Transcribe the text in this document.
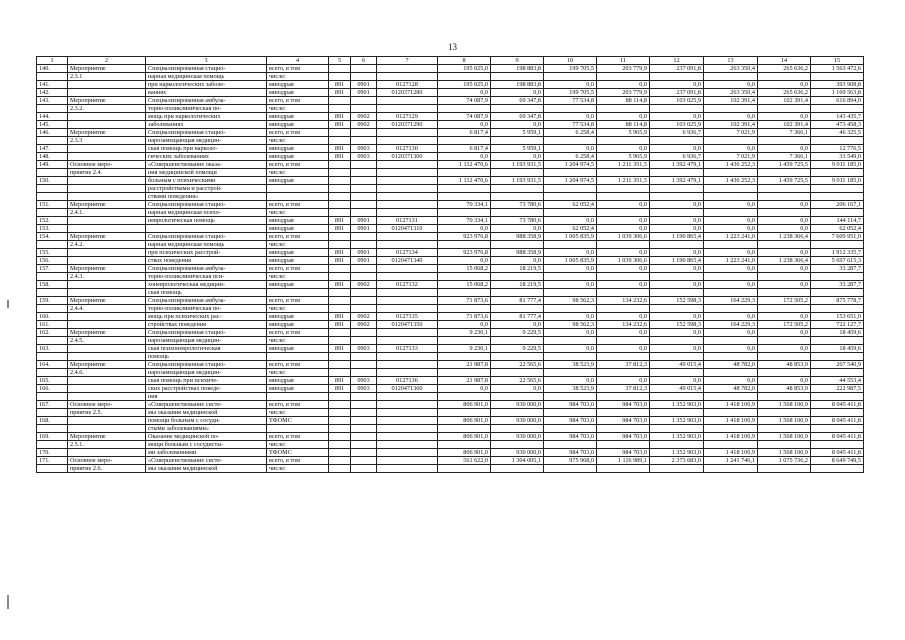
13
1	2	3	4	5	6	7	8	9	10	11	12	13	14	15
140.	Мероприятие	Специализированная стацио-	всего, в том				195 025,0	198 883,8	199 705,5	203 779,9	237 091,8	263 350,4	265 636,2	1 563 472,6
	2.3.1	нарная медицинская помощь	числе:											
141.		при наркологических заболе-	минздрав	891	0901	0127128	195 025,0	198 883,8	0,0	0,0	0,0	0,0	0,0	393 908,8
142.		ваниях	минздрав	891	0901	0120371280	0,0	0,0	199 705,5	203 779,9	237 091,8	263 350,4	265 636,2	1 169 563,8
143.	Мероприятие	Специализированная амбула-	всего, в том				74 087,9	69 347,8	77 534,8	88 114,8	103 025,9	102 391,4	102 391,4	616 894,0
	2.3.2.	торно-поликлиническая по-	числе:											
144.		мощь при наркологических	минздрав	891	0902	0127129	74 087,9	69 347,8	0,0	0,0	0,0	0,0	0,0	143 435,7
145.		заболеваниях	минздрав	891	0902	0120371290	0,0	0,0	77 534,8	88 114,8	103 025,9	102 391,4	102 391,4	473 458,3
146.	Мероприятие	Специализированная стацио-	всего, в том				6 817,4	5 959,1	6 258,4	5 965,9	6 936,7	7 021,9	7 366,1	46 325,5
	2.3.3	нарозамещающая медицин-	числе:											
147.		ская помощь при нарколо-	минздрав	891	0903	0127130	6 817,4	5 959,1	0,0	0,0	0,0	0,0	0,0	12 776,5
148.		гических заболеваниях	минздрав	891	0903	0120371300	0,0	0,0	6 258,4	5 965,9	6 936,7	7 021,9	7 366,1	33 549,0
149.	Основное меро-	«Совершенствование оказа-	всего, в том				1 112 470,6	1 193 931,5	1 204 974,5	1 211 351,5	1 392 479,1	1 436 252,3	1 459 725,5	9 011 185,0
	приятие 2.4.	ния медицинской помощи	числе:											
150.		больным с психическими	минздрав				1 112 470,6	1 193 931,5	1 204 974,5	1 211 351,5	1 392 479,1	1 436 252,3	1 459 725,5	9 011 185,0
		расстройствами и расстрой-												
		ствами поведения»												
151.	Мероприятие	Специализированная стацио-	всего, в том				70 334,1	73 780,6	62 052,4	0,0	0,0	0,0	0,0	206 167,1
	2.4.1.	нарная медицинская психо-	числе:											
152.		неврологическая помощь	минздрав	891	0901	0127131	70 334,1	73 780,6	0,0	0,0	0,0	0,0	0,0	144 114,7
153.			минздрав	891	0901	0120471310	0,0	0,0	62 052,4	0,0	0,0	0,0	0,0	62 052,4
154.	Мероприятие	Специализированная стацио-	всего, в том				923 976,8	988 358,9	1 005 835,9	1 039 306,6	1 190 865,4	1 223 241,0	1 238 366,4	7 609 951,0
	2.4.2.	нарная медицинская помощь	числе:											
155.		при психических расстрой-	минздрав	891	0901	0127134	923 976,8	988 358,9	0,0	0,0	0,0	0,0	0,0	1 912 335,7
156.		ствах поведения	минздрав	891	0901	0120471340	0,0	0,0	1 005 835,9	1 039 306,6	1 190 865,4	1 223 241,0	1 238 366,4	5 697 615,3
157.	Мероприятие	Специализированная амбула-	всего, в том				15 068,2	18 219,5	0,0	0,0	0,0	0,0	0,0	33 287,7
	2.4.3.	торно-поликлиническая пси-	числе:											
158.		хоневрологическая медицин-	минздрав	891	0902	0127132	15 068,2	18 219,5	0,0	0,0	0,0	0,0	0,0	33 287,7
		ская помощь												
159.	Мероприятие	Специализированная амбула-	всего, в том				71 873,6	81 777,4	98 562,3	134 232,6	152 598,3	164 229,3	172 505,2	875 778,7
	2.4.4.	торно-поликлиническая по-	числе:											
160.		мощь при психических рас-	минздрав	891	0902	0127135	71 873,6	81 777,4	0,0	0,0	0,0	0,0	0,0	153 651,0
161.		стройствах поведения	минздрав	891	0902	0120471350	0,0	0,0	98 562,3	134 232,6	152 598,3	164 229,3	172 505,2	722 127,7
162.	Мероприятие	Специализированная стацио-	всего, в том				9 230,1	9 229,5	0,0	0,0	0,0	0,0	0,0	18 459,6
	2.4.5.	нарозамещающая медицин-	числе:											
163.		ская психоневрологическая	минздрав	891	0903	0127133	9 230,1	9 229,5	0,0	0,0	0,0	0,0	0,0	18 459,6
		помощь												
164.	Мероприятие	Специализированная стацио-	всего, в том				21 987,8	22 565,6	38 523,9	37 812,3	49 015,4	48 782,0	48 853,9	267 540,9
	2.4.6.	нарозамещающая медицин-	числе:											
165.		ская помощь при психиче-	минздрав	891	0903	0127136	21 987,8	22 565,6	0,0	0,0	0,0	0,0	0,0	44 553,4
166.		ских расстройствах поведе-	минздрав	891	0903	0120471360	0,0	0,0	38 523,9	37 812,3	49 015,4	48 782,0	48 853,9	222 987,5
		ния												
167.	Основное меро-	«Совершенствование систе-	всего, в том				806 901,0	930 000,0	984 703,0	984 703,0	1 352 903,0	1 418 100,9	1 568 100,9	8 045 411,8
	приятие 2.5.	мы оказания медицинской	числе:											
168.		помощи больным с сосуди-	ТФОМС				806 901,0	930 000,0	984 703,0	984 703,0	1 352 903,0	1 418 100,9	1 568 100,9	8 045 411,8
		стыми заболеваниями»												
169.	Мероприятие	Оказание медицинской по-	всего, в том				806 901,0	930 000,0	984 703,0	984 703,0	1 352 903,0	1 418 100,9	1 568 100,9	8 045 411,8
	2.5.1.	мощи больным с сосудисты-	числе:											
170.		ми заболеваниями	ТФОМС				806 901,0	930 000,0	984 703,0	984 703,0	1 352 903,0	1 418 100,9	1 568 100,9	8 045 411,8
171.	Основное меро-	«Совершенствование систе-	всего, в том				561 622,0	1 304 005,1	975 968,0	1 116 989,1	2 373 683,0	1 241 746,1	1 075 736,2	8 649 749,5
	приятие 2.6.	мы оказания медицинской	числе:											
